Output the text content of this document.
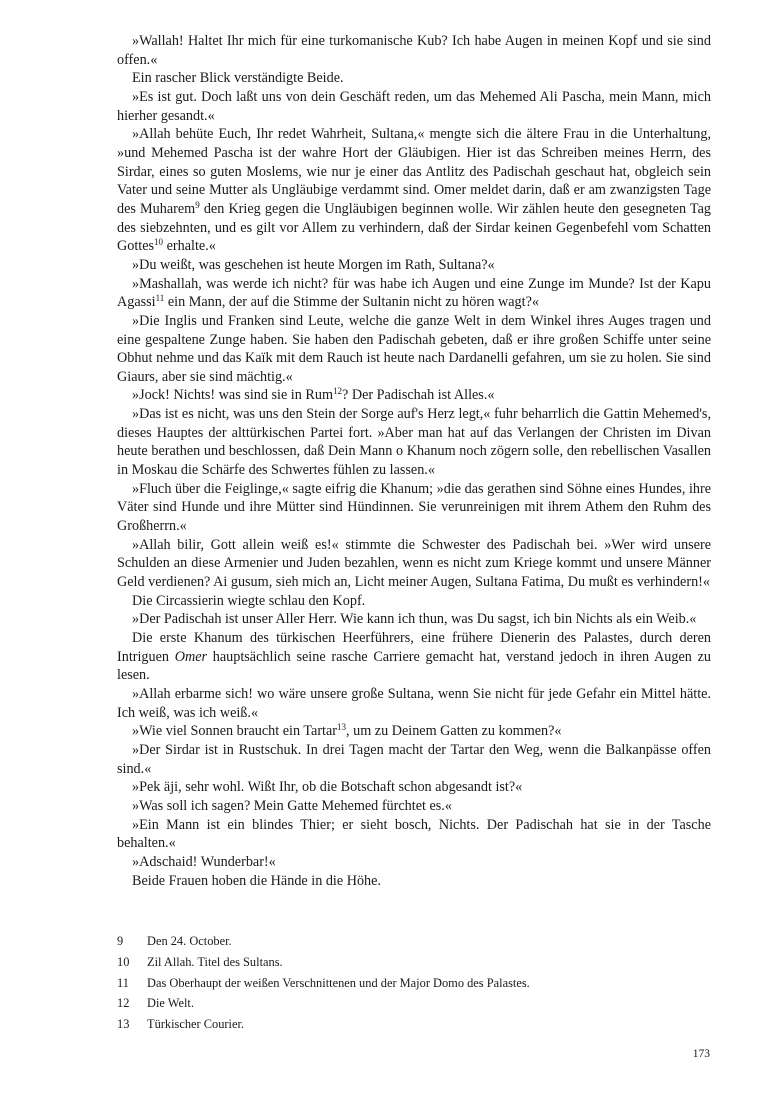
»Wallah! Haltet Ihr mich für eine turkomanische Kub? Ich habe Augen in meinen Kopf und sie sind offen.«

Ein rascher Blick verständigte Beide.

»Es ist gut. Doch laßt uns von dein Geschäft reden, um das Mehemed Ali Pascha, mein Mann, mich hierher gesandt.«

»Allah behüte Euch, Ihr redet Wahrheit, Sultana,« mengte sich die ältere Frau in die Unterhaltung, »und Mehemed Pascha ist der wahre Hort der Gläubigen. Hier ist das Schreiben meines Herrn, des Sirdar, eines so guten Moslems, wie nur je einer das Antlitz des Padischah geschaut hat, obgleich sein Vater und seine Mutter als Ungläubige verdammt sind. Omer meldet darin, daß er am zwanzigsten Tage des Muharem$^9$ den Krieg gegen die Ungläubigen beginnen wolle. Wir zählen heute den gesegneten Tag des siebzehnten, und es gilt vor Allem zu verhindern, daß der Sirdar keinen Gegenbefehl vom Schatten Gottes$^{10}$ erhalte.«

»Du weißt, was geschehen ist heute Morgen im Rath, Sultana?«

»Mashallah, was werde ich nicht? für was habe ich Augen und eine Zunge im Munde? Ist der Kapu Agassi$^{11}$ ein Mann, der auf die Stimme der Sultanin nicht zu hören wagt?«

»Die Inglis und Franken sind Leute, welche die ganze Welt in dem Winkel ihres Auges tragen und eine gespaltene Zunge haben. Sie haben den Padischah gebeten, daß er ihre großen Schiffe unter seine Obhut nehme und das Kaïk mit dem Rauch ist heute nach Dardanelli gefahren, um sie zu holen. Sie sind Giaurs, aber sie sind mächtig.«

»Jock! Nichts! was sind sie in Rum$^{12}$? Der Padischah ist Alles.«

»Das ist es nicht, was uns den Stein der Sorge auf's Herz legt,« fuhr beharrlich die Gattin Mehemed's, dieses Hauptes der alttürkischen Partei fort. »Aber man hat auf das Verlangen der Christen im Divan heute berathen und beschlossen, daß Dein Mann o Khanum noch zögern solle, den rebellischen Vasallen in Moskau die Schärfe des Schwertes fühlen zu lassen.«

»Fluch über die Feiglinge,« sagte eifrig die Khanum; »die das gerathen sind Söhne eines Hundes, ihre Väter sind Hunde und ihre Mütter sind Hündinnen. Sie verunreinigen mit ihrem Athem den Ruhm des Großherrn.«

»Allah bilir, Gott allein weiß es!« stimmte die Schwester des Padischah bei. »Wer wird unsere Schulden an diese Armenier und Juden bezahlen, wenn es nicht zum Kriege kommt und unsere Männer Geld verdienen? Ai gusum, sieh mich an, Licht meiner Augen, Sultana Fatima, Du mußt es verhindern!«

Die Circassierin wiegte schlau den Kopf.

»Der Padischah ist unser Aller Herr. Wie kann ich thun, was Du sagst, ich bin Nichts als ein Weib.«

Die erste Khanum des türkischen Heerführers, eine frühere Dienerin des Palastes, durch deren Intriguen Omer hauptsächlich seine rasche Carriere gemacht hat, verstand jedoch in ihren Augen zu lesen.

»Allah erbarme sich! wo wäre unsere große Sultana, wenn Sie nicht für jede Gefahr ein Mittel hätte. Ich weiß, was ich weiß.«

»Wie viel Sonnen braucht ein Tartar$^{13}$, um zu Deinem Gatten zu kommen?«

»Der Sirdar ist in Rustschuk. In drei Tagen macht der Tartar den Weg, wenn die Balkanpässe offen sind.«

»Pek äji, sehr wohl. Wißt Ihr, ob die Botschaft schon abgesandt ist?«

»Was soll ich sagen? Mein Gatte Mehemed fürchtet es.«

»Ein Mann ist ein blindes Thier; er sieht bosch, Nichts. Der Padischah hat sie in der Tasche behalten.«

»Adschaid! Wunderbar!«

Beide Frauen hoben die Hände in die Höhe.

9 Den 24. October.
10 Zil Allah. Titel des Sultans.
11 Das Oberhaupt der weißen Verschnittenen und der Major Domo des Palastes.
12 Die Welt.
13 Türkischer Courier.
173
